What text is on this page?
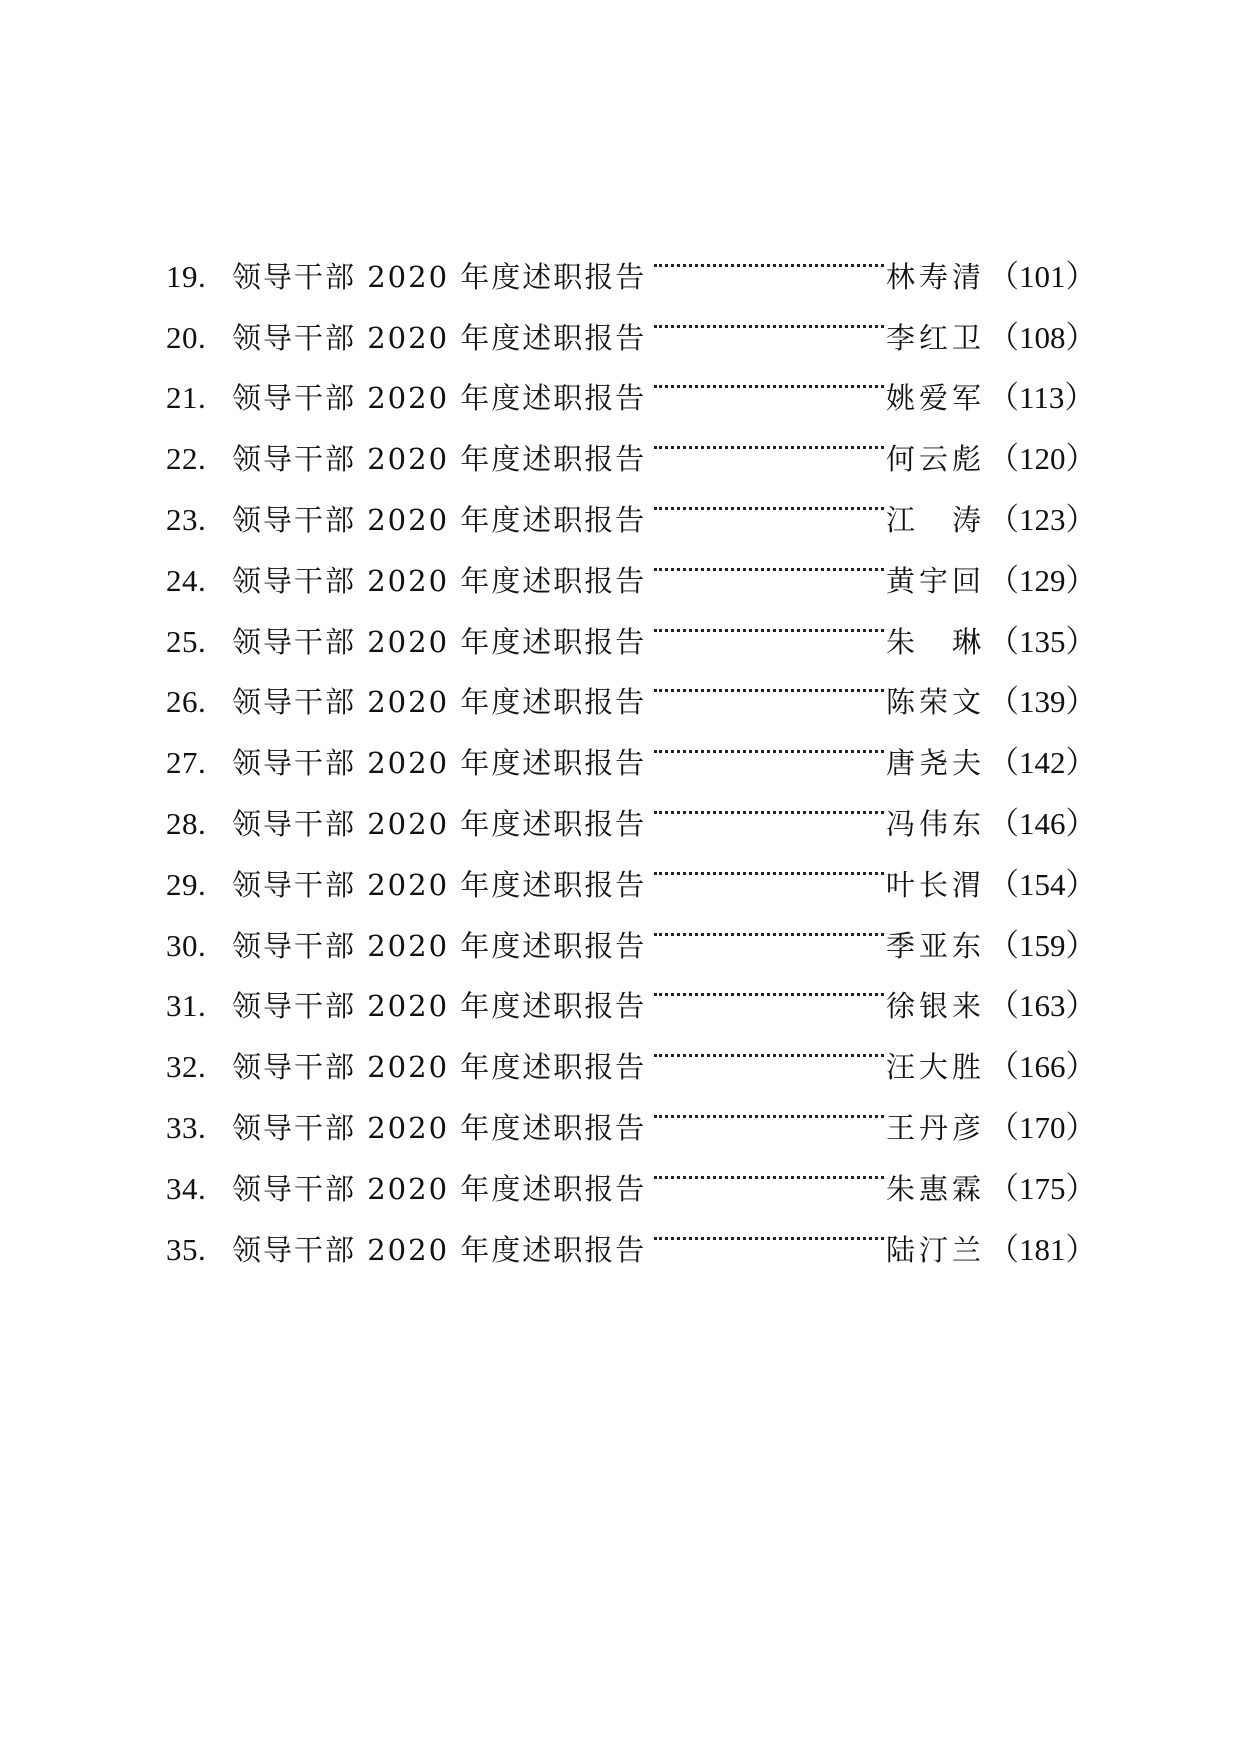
19. 领导干部 2020 年度述职报告	林寿清 （101）
20. 领导干部 2020 年度述职报告	李红卫 （108）
21. 领导干部 2020 年度述职报告	姚爱军 （113）
22. 领导干部 2020 年度述职报告	何云彪 （120）
23. 领导干部 2020 年度述职报告	江　涛 （123）
24. 领导干部 2020 年度述职报告	黄宇回 （129）
25. 领导干部 2020 年度述职报告	朱　琳 （135）
26. 领导干部 2020 年度述职报告	陈荣文 （139）
27. 领导干部 2020 年度述职报告	唐尧夫 （142）
28. 领导干部 2020 年度述职报告	冯伟东 （146）
29. 领导干部 2020 年度述职报告	叶长渭 （154）
30. 领导干部 2020 年度述职报告	季亚东 （159）
31. 领导干部 2020 年度述职报告	徐银来 （163）
32. 领导干部 2020 年度述职报告	汪大胜 （166）
33. 领导干部 2020 年度述职报告	王丹彦 （170）
34. 领导干部 2020 年度述职报告	朱惠霖 （175）
35. 领导干部 2020 年度述职报告	陆汀兰 （181）
